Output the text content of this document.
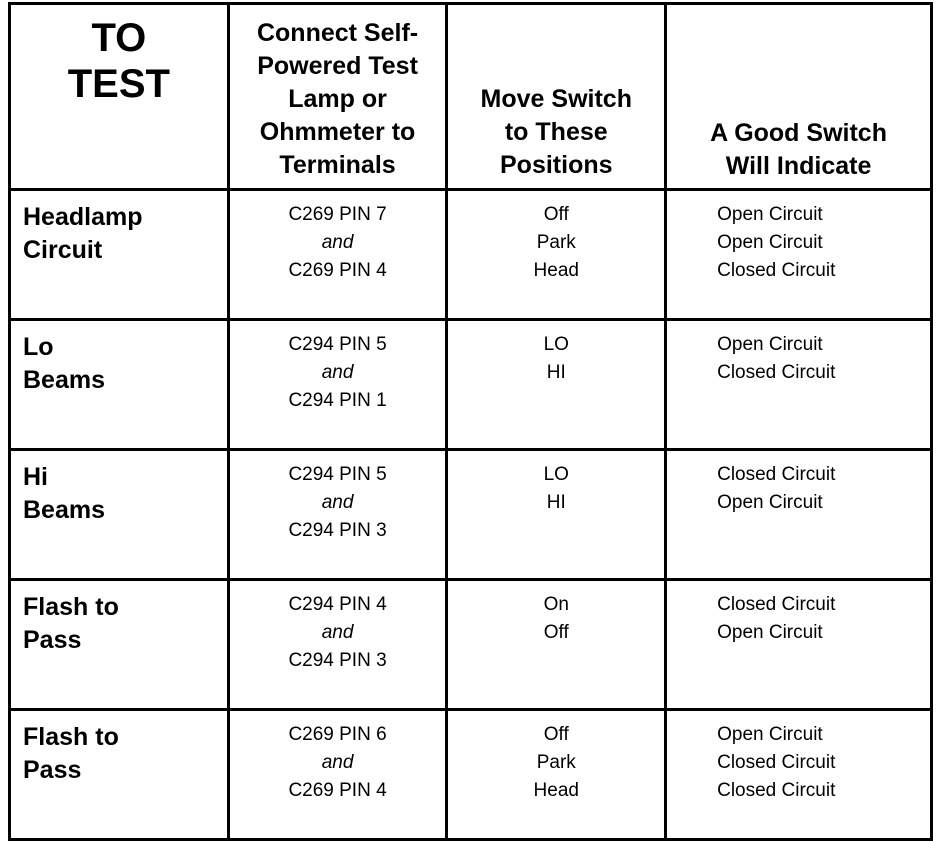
TO
TEST	Connect Self-
Powered Test
Lamp or
Ohmmeter to
Terminals	Move Switch
to These
Positions	A Good Switch
Will Indicate

Headlamp
Circuit	C269 PIN 7
and
C269 PIN 4	Off
Park
Head	Open Circuit
Open Circuit
Closed Circuit

Lo
Beams	C294 PIN 5
and
C294 PIN 1	LO
HI	Open Circuit
Closed Circuit

Hi
Beams	C294 PIN 5
and
C294 PIN 3	LO
HI	Closed Circuit
Open Circuit

Flash to
Pass	C294 PIN 4
and
C294 PIN 3	On
Off	Closed Circuit
Open Circuit

Flash to
Pass	C269 PIN 6
and
C269 PIN 4	Off
Park
Head	Open Circuit
Closed Circuit
Closed Circuit
